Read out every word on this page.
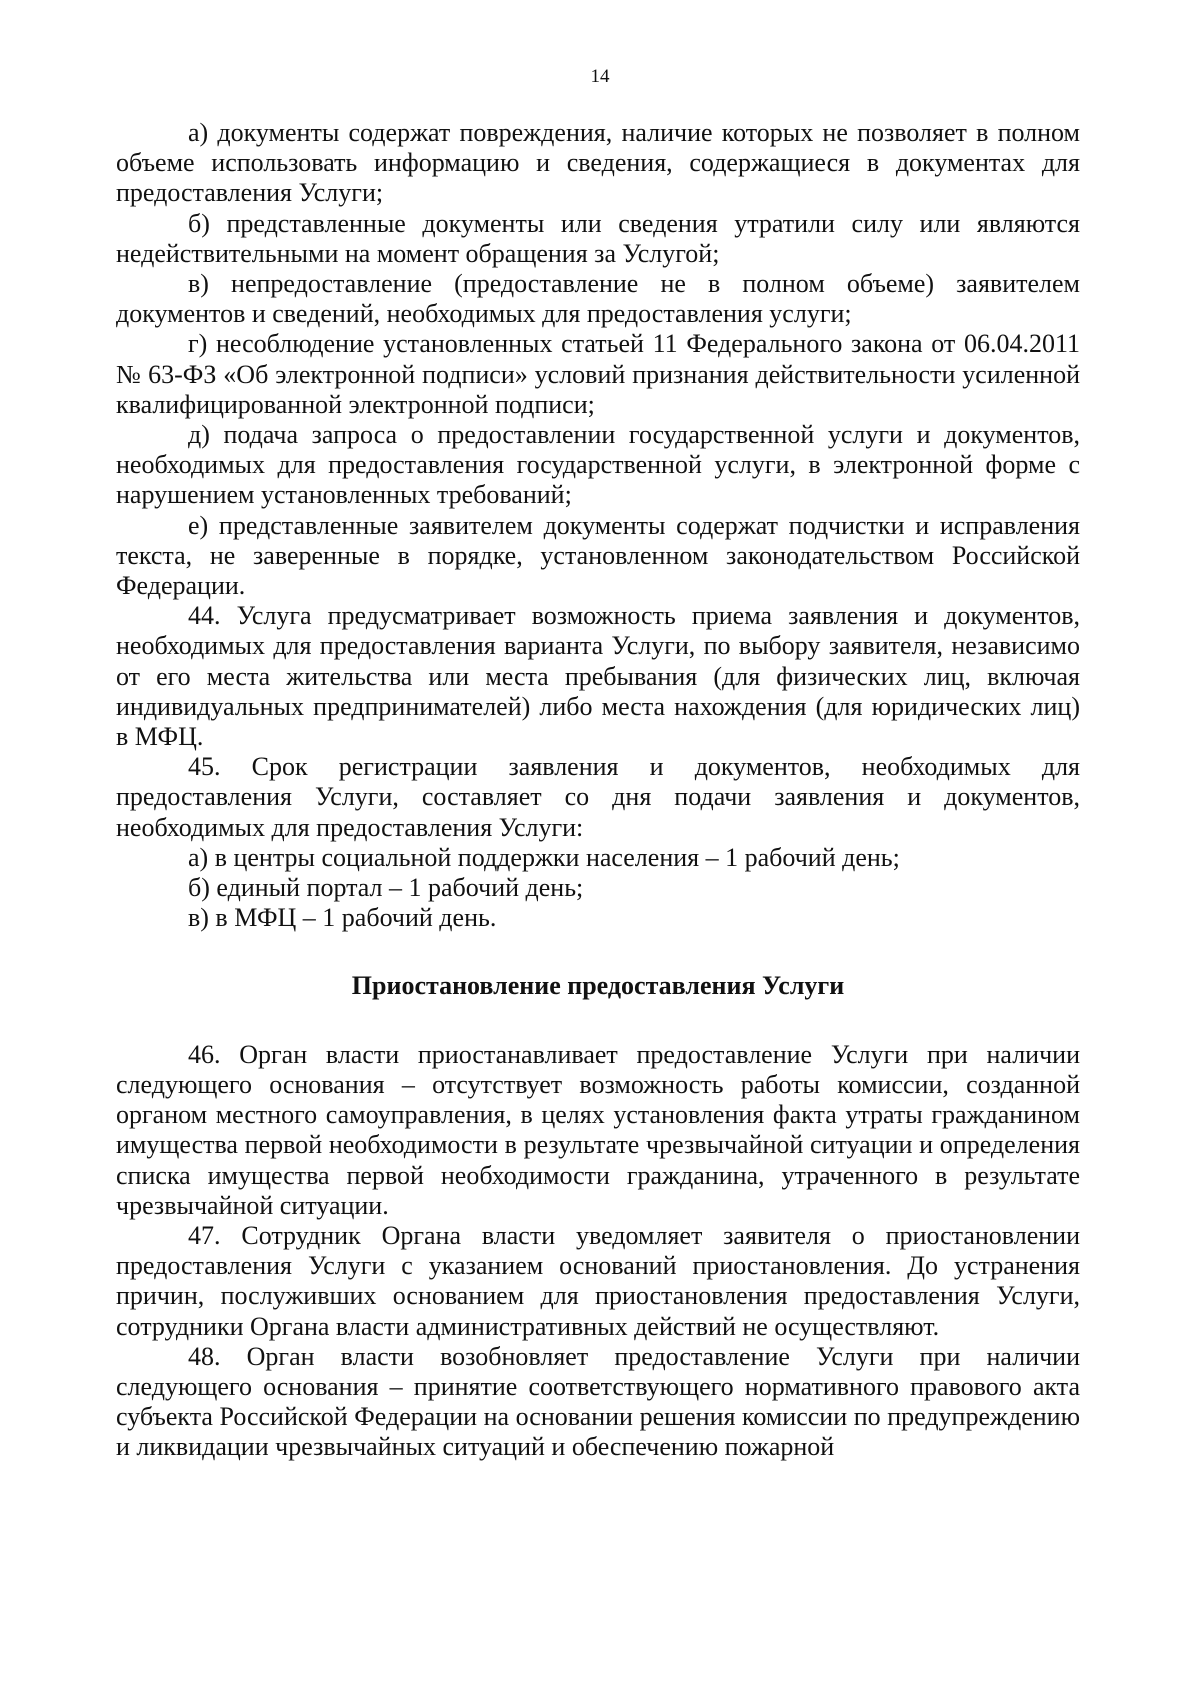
14

а) документы содержат повреждения, наличие которых не позволяет в полном объеме использовать информацию и сведения, содержащиеся в документах для предоставления Услуги;

б) представленные документы или сведения утратили силу или являются недействительными на момент обращения за Услугой;

в) непредоставление (предоставление не в полном объеме) заявителем документов и сведений, необходимых для предоставления услуги;

г) несоблюдение установленных статьей 11 Федерального закона от 06.04.2011 № 63-ФЗ «Об электронной подписи» условий признания действительности усиленной квалифицированной электронной подписи;

д) подача запроса о предоставлении государственной услуги и документов, необходимых для предоставления государственной услуги, в электронной форме с нарушением установленных требований;

е) представленные заявителем документы содержат подчистки и исправления текста, не заверенные в порядке, установленном законодательством Российской Федерации.

44. Услуга предусматривает возможность приема заявления и документов, необходимых для предоставления варианта Услуги, по выбору заявителя, независимо от его места жительства или места пребывания (для физических лиц, включая индивидуальных предпринимателей) либо места нахождения (для юридических лиц) в МФЦ.

45. Срок регистрации заявления и документов, необходимых для предоставления Услуги, составляет со дня подачи заявления и документов, необходимых для предоставления Услуги:

а) в центры социальной поддержки населения – 1 рабочий день;

б) единый портал – 1 рабочий день;

в) в МФЦ – 1 рабочий день.

Приостановление предоставления Услуги

46. Орган власти приостанавливает предоставление Услуги при наличии следующего основания – отсутствует возможность работы комиссии, созданной органом местного самоуправления, в целях установления факта утраты гражданином имущества первой необходимости в результате чрезвычайной ситуации и определения списка имущества первой необходимости гражданина, утраченного в результате чрезвычайной ситуации.

47. Сотрудник Органа власти уведомляет заявителя о приостановлении предоставления Услуги с указанием оснований приостановления. До устранения причин, послуживших основанием для приостановления предоставления Услуги, сотрудники Органа власти административных действий не осуществляют.

48. Орган власти возобновляет предоставление Услуги при наличии следующего основания – принятие соответствующего нормативного правового акта субъекта Российской Федерации на основании решения комиссии по предупреждению и ликвидации чрезвычайных ситуаций и обеспечению пожарной
